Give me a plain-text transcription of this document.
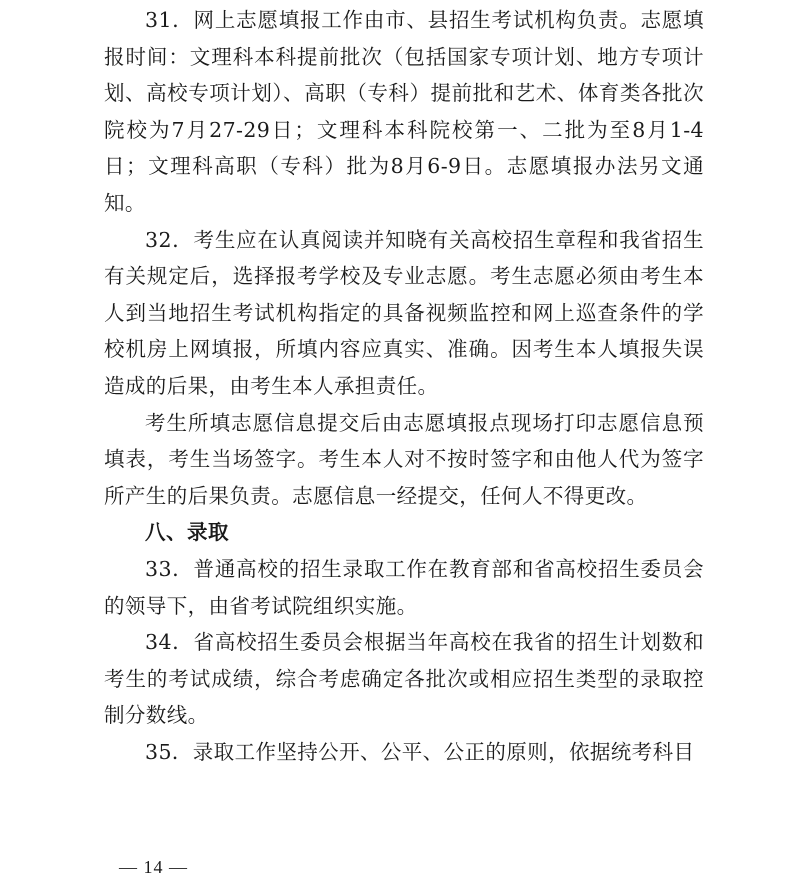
31．网上志愿填报工作由市、县招生考试机构负责。志愿填报时间：文理科本科提前批次（包括国家专项计划、地方专项计划、高校专项计划）、高职（专科）提前批和艺术、体育类各批次院校为7月27-29日；文理科本科院校第一、二批为至8月1-4日；文理科高职（专科）批为8月6-9日。志愿填报办法另文通知。

32．考生应在认真阅读并知晓有关高校招生章程和我省招生有关规定后，选择报考学校及专业志愿。考生志愿必须由考生本人到当地招生考试机构指定的具备视频监控和网上巡查条件的学校机房上网填报，所填内容应真实、准确。因考生本人填报失误造成的后果，由考生本人承担责任。

考生所填志愿信息提交后由志愿填报点现场打印志愿信息预填表，考生当场签字。考生本人对不按时签字和由他人代为签字所产生的后果负责。志愿信息一经提交，任何人不得更改。

八、录取

33．普通高校的招生录取工作在教育部和省高校招生委员会的领导下，由省考试院组织实施。

34．省高校招生委员会根据当年高校在我省的招生计划数和考生的考试成绩，综合考虑确定各批次或相应招生类型的录取控制分数线。

35．录取工作坚持公开、公平、公正的原则，依据统考科目

— 14 —
